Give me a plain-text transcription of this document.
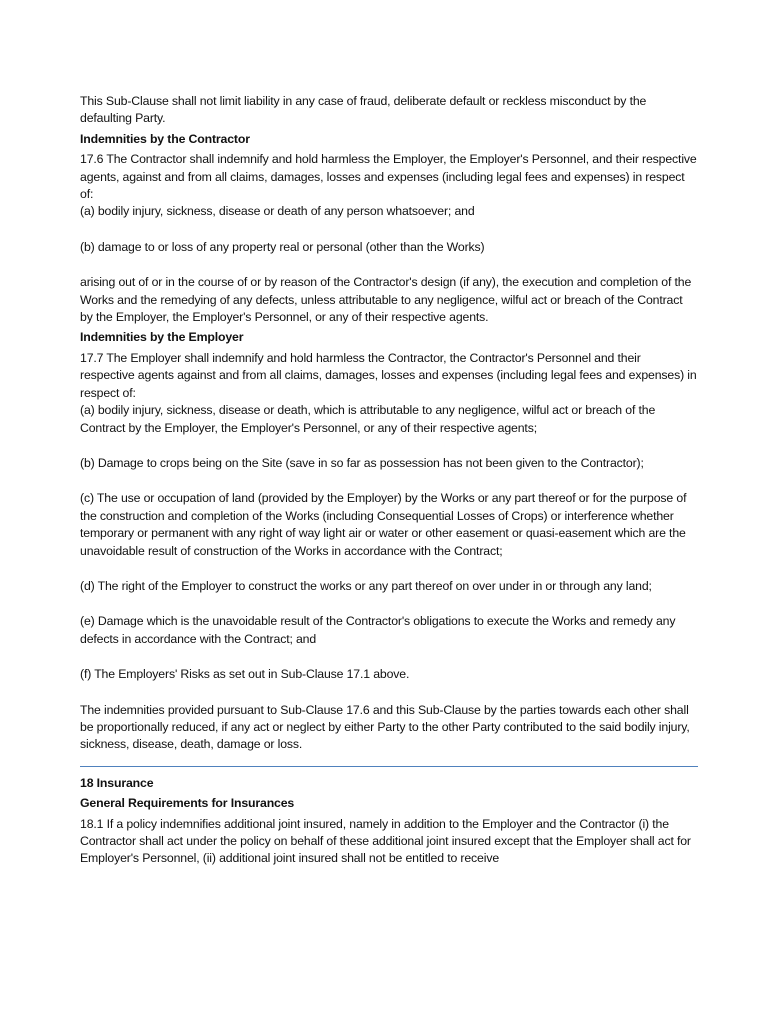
This Sub-Clause shall not limit liability in any case of fraud, deliberate default or reckless misconduct by the defaulting Party.

Indemnities by the Contractor

17.6 The Contractor shall indemnify and hold harmless the Employer, the Employer's Personnel, and their respective agents, against and from all claims, damages, losses and expenses (including legal fees and expenses) in respect of:

(a) bodily injury, sickness, disease or death of any person whatsoever; and

(b) damage to or loss of any property real or personal (other than the Works)

arising out of or in the course of or by reason of the Contractor's design (if any), the execution and completion of the Works and the remedying of any defects, unless attributable to any negligence, wilful act or breach of the Contract by the Employer, the Employer's Personnel, or any of their respective agents.

Indemnities by the Employer

17.7 The Employer shall indemnify and hold harmless the Contractor, the Contractor's Personnel and their respective agents against and from all claims, damages, losses and expenses (including legal fees and expenses) in respect of:

(a) bodily injury, sickness, disease or death, which is attributable to any negligence, wilful act or breach of the Contract by the Employer, the Employer's Personnel, or any of their respective agents;

(b) Damage to crops being on the Site (save in so far as possession has not been given to the Contractor);

(c) The use or occupation of land (provided by the Employer) by the Works or any part thereof or for the purpose of the construction and completion of the Works (including Consequential Losses of Crops) or interference whether temporary or permanent with any right of way light air or water or other easement or quasi-easement which are the unavoidable result of construction of the Works in accordance with the Contract;

(d) The right of the Employer to construct the works or any part thereof on over under in or through any land;

(e) Damage which is the unavoidable result of the Contractor's obligations to execute the Works and remedy any defects in accordance with the Contract; and

(f) The Employers' Risks as set out in Sub-Clause 17.1 above.

The indemnities provided pursuant to Sub-Clause 17.6 and this Sub-Clause by the parties towards each other shall be proportionally reduced, if any act or neglect by either Party to the other Party contributed to the said bodily injury, sickness, disease, death, damage or loss.

18 Insurance

General Requirements for Insurances

18.1 If a policy indemnifies additional joint insured, namely in addition to the Employer and the Contractor (i) the Contractor shall act under the policy on behalf of these additional joint insured except that the Employer shall act for Employer's Personnel, (ii) additional joint insured shall not be entitled to receive
